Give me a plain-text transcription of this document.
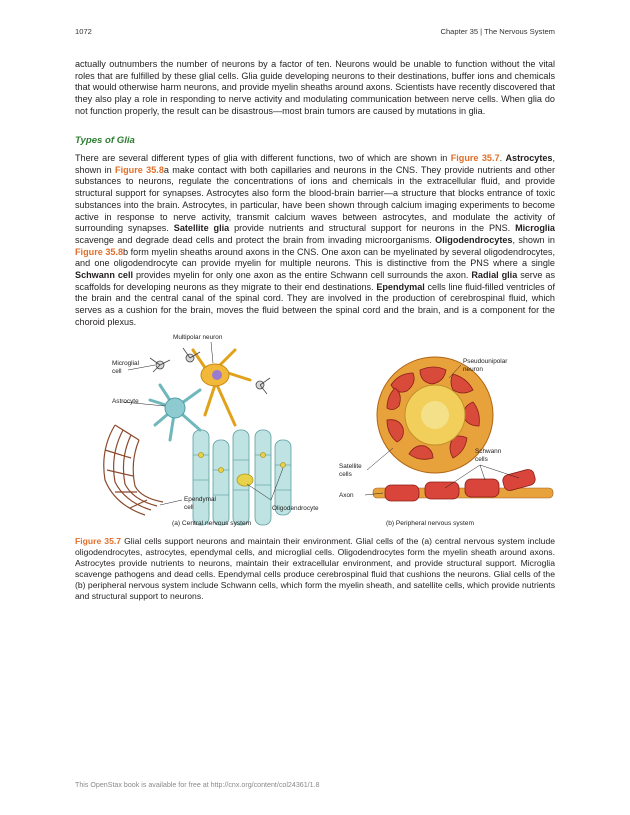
1072	Chapter 35 | The Nervous System

actually outnumbers the number of neurons by a factor of ten. Neurons would be unable to function without the vital roles that are fulfilled by these glial cells. Glia guide developing neurons to their destinations, buffer ions and chemicals that would otherwise harm neurons, and provide myelin sheaths around axons. Scientists have recently discovered that they also play a role in responding to nerve activity and modulating communication between nerve cells. When glia do not function properly, the result can be disastrous—most brain tumors are caused by mutations in glia.

Types of Glia

There are several different types of glia with different functions, two of which are shown in Figure 35.7. Astrocytes, shown in Figure 35.8a make contact with both capillaries and neurons in the CNS. They provide nutrients and other substances to neurons, regulate the concentrations of ions and chemicals in the extracellular fluid, and provide structural support for synapses. Astrocytes also form the blood-brain barrier—a structure that blocks entrance of toxic substances into the brain. Astrocytes, in particular, have been shown through calcium imaging experiments to become active in response to nerve activity, transmit calcium waves between astrocytes, and modulate the activity of surrounding synapses. Satellite glia provide nutrients and structural support for neurons in the PNS. Microglia scavenge and degrade dead cells and protect the brain from invading microorganisms. Oligodendrocytes, shown in Figure 35.8b form myelin sheaths around axons in the CNS. One axon can be myelinated by several oligodendrocytes, and one oligodendrocyte can provide myelin for multiple neurons. This is distinctive from the PNS where a single Schwann cell provides myelin for only one axon as the entire Schwann cell surrounds the axon. Radial glia serve as scaffolds for developing neurons as they migrate to their end destinations. Ependymal cells line fluid-filled ventricles of the brain and the central canal of the spinal cord. They are involved in the production of cerebrospinal fluid, which serves as a cushion for the brain, moves the fluid between the spinal cord and the brain, and is a component for the choroid plexus.

Multipolar neuron
Microglial cell
Astrocyte
Ependymal cell	Oligodendrocyte
Pseudounipolar neuron
Schwann cells
Satellite cells
Axon
(a) Central nervous system	(b) Peripheral nervous system

Figure 35.7 Glial cells support neurons and maintain their environment. Glial cells of the (a) central nervous system include oligodendrocytes, astrocytes, ependymal cells, and microglial cells. Oligodendrocytes form the myelin sheath around axons. Astrocytes provide nutrients to neurons, maintain their extracellular environment, and provide structural support. Microglia scavenge pathogens and dead cells. Ependymal cells produce cerebrospinal fluid that cushions the neurons. Glial cells of the (b) peripheral nervous system include Schwann cells, which form the myelin sheath, and satellite cells, which provide nutrients and structural support to neurons.

This OpenStax book is available for free at http://cnx.org/content/col24361/1.8
